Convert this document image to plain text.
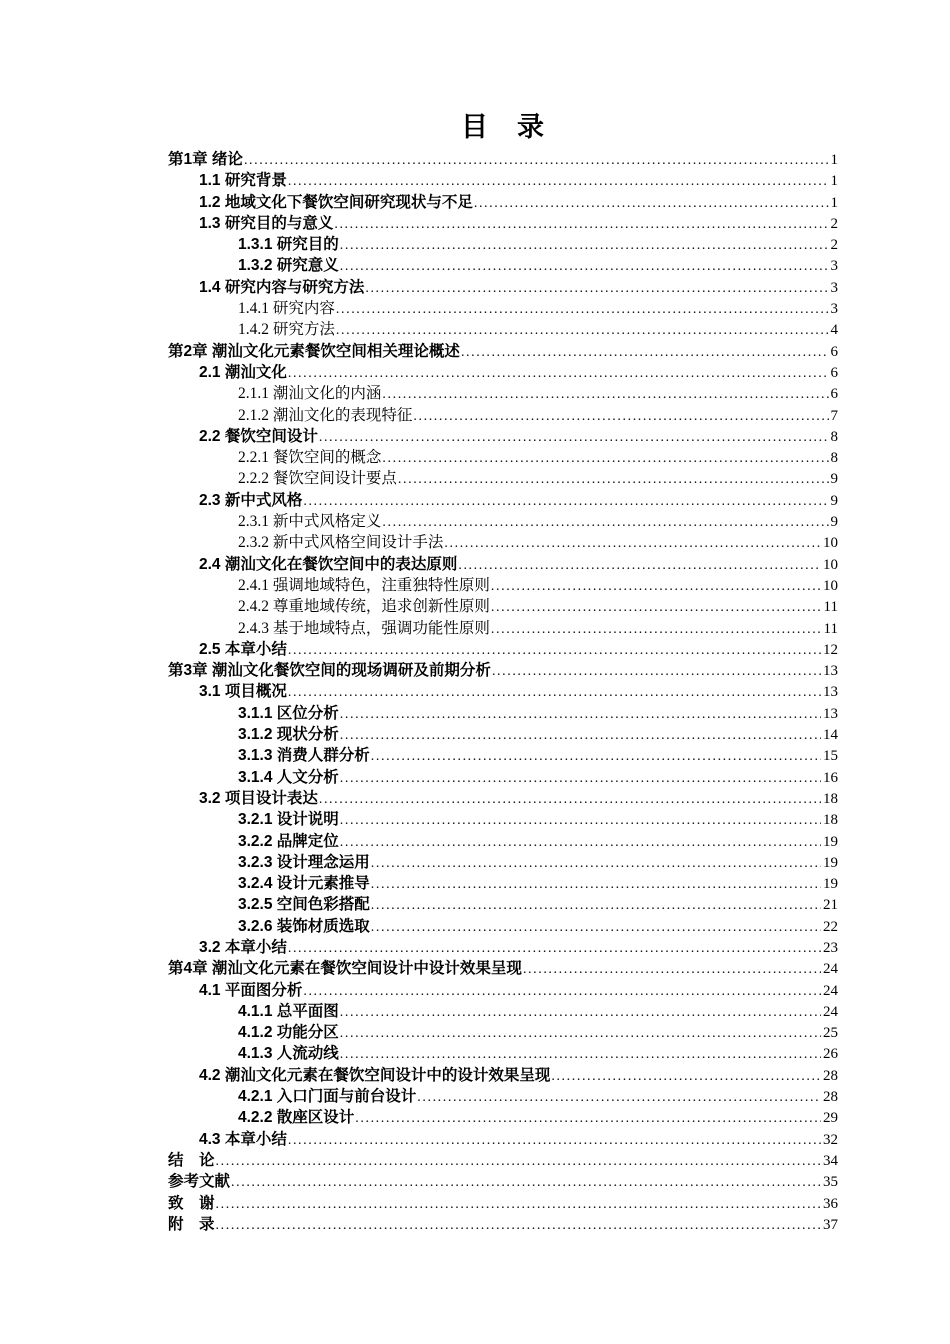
目　录
第1章 绪论 .....	1
1.1 研究背景 .....	1
1.2 地域文化下餐饮空间研究现状与不足 .....	1
1.3 研究目的与意义 .....	2
1.3.1 研究目的 .....	2
1.3.2 研究意义 .....	3
1.4 研究内容与研究方法 .....	3
1.4.1 研究内容 .....	3
1.4.2 研究方法 .....	4
第2章 潮汕文化元素餐饮空间相关理论概述 .....	6
2.1 潮汕文化 .....	6
2.1.1 潮汕文化的内涵 .....	6
2.1.2 潮汕文化的表现特征 .....	7
2.2 餐饮空间设计 .....	8
2.2.1 餐饮空间的概念 .....	8
2.2.2 餐饮空间设计要点 .....	9
2.3 新中式风格 .....	9
2.3.1 新中式风格定义 .....	9
2.3.2 新中式风格空间设计手法 .....	10
2.4 潮汕文化在餐饮空间中的表达原则 .....	10
2.4.1 强调地域特色，注重独特性原则 .....	10
2.4.2 尊重地域传统，追求创新性原则 .....	11
2.4.3 基于地域特点，强调功能性原则 .....	11
2.5 本章小结 .....	12
第3章 潮汕文化餐饮空间的现场调研及前期分析 .....	13
3.1 项目概况 .....	13
3.1.1 区位分析 .....	13
3.1.2 现状分析 .....	14
3.1.3 消费人群分析 .....	15
3.1.4 人文分析 .....	16
3.2 项目设计表达 .....	18
3.2.1 设计说明 .....	18
3.2.2 品牌定位 .....	19
3.2.3 设计理念运用 .....	19
3.2.4 设计元素推导 .....	19
3.2.5 空间色彩搭配 .....	21
3.2.6 装饰材质选取 .....	22
3.2 本章小结 .....	23
第4章 潮汕文化元素在餐饮空间设计中设计效果呈现 .....	24
4.1 平面图分析 .....	24
4.1.1 总平面图 .....	24
4.1.2 功能分区 .....	25
4.1.3 人流动线 .....	26
4.2 潮汕文化元素在餐饮空间设计中的设计效果呈现 .....	28
4.2.1 入口门面与前台设计 .....	28
4.2.2 散座区设计 .....	29
4.3 本章小结 .....	32
结　论 .....	34
参考文献 .....	35
致　谢 .....	36
附　录 .....	37
